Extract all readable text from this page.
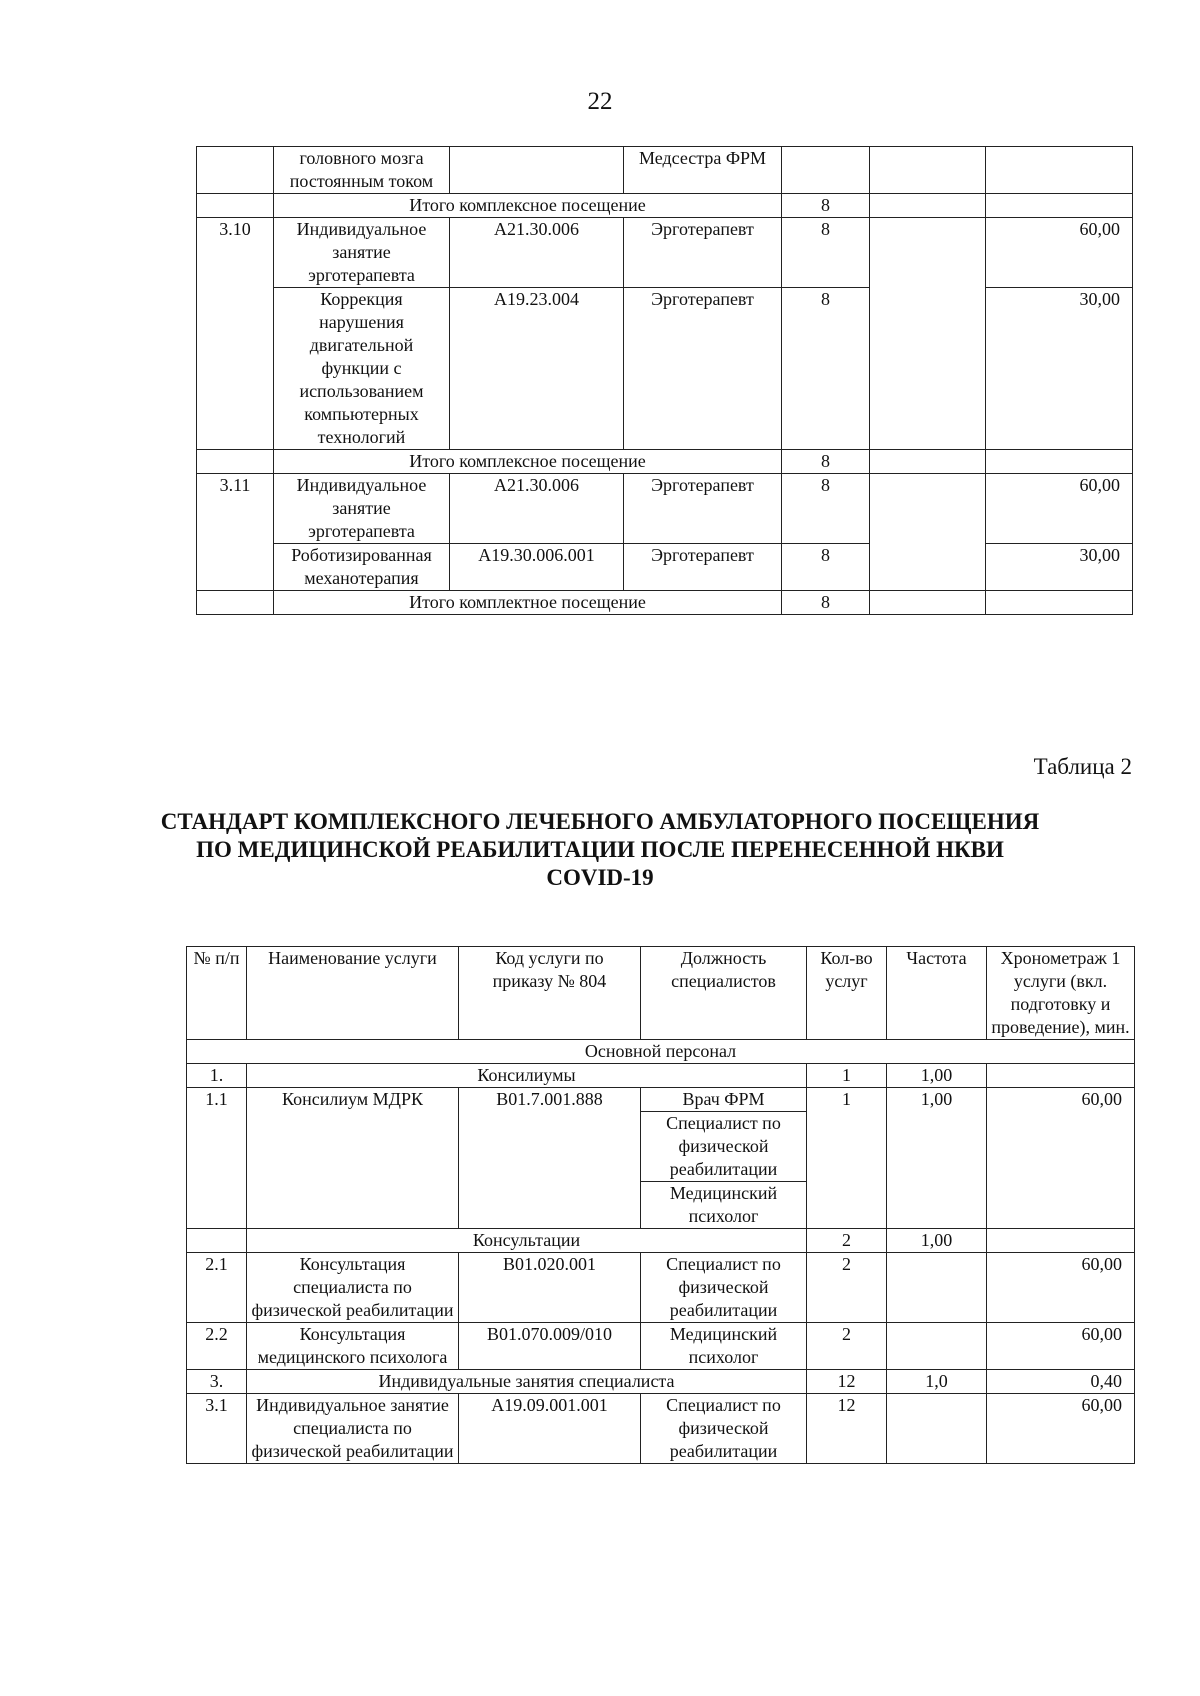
22
	головного мозга постоянным током		Медсестра ФРМ			
	Итого комплексное посещение			8		
3.10	Индивидуальное занятие эрготерапевта	A21.30.006	Эрготерапевт	8		60,00
	Коррекция нарушения двигательной функции с использованием компьютерных технологий	A19.23.004	Эрготерапевт	8		30,00
	Итого комплексное посещение			8		
3.11	Индивидуальное занятие эрготерапевта	A21.30.006	Эрготерапевт	8		60,00
	Роботизированная механотерапия	A19.30.006.001	Эрготерапевт	8		30,00
	Итого комплектное посещение			8		
Таблица 2
СТАНДАРТ КОМПЛЕКСНОГО ЛЕЧЕБНОГО АМБУЛАТОРНОГО ПОСЕЩЕНИЯ
ПО МЕДИЦИНСКОЙ РЕАБИЛИТАЦИИ ПОСЛЕ ПЕРЕНЕСЕННОЙ НКВИ
COVID-19
№ п/п	Наименование услуги	Код услуги по приказу № 804	Должность специалистов	Кол-во услуг	Частота	Хронометраж 1 услуги (вкл. подготовку и проведение), мин.
Основной персонал						
1.	Консилиумы			1	1,00	
1.1	Консилиум МДРК	B01.7.001.888	Врач ФРМ	1	1,00	60,00
			Специалист по физической реабилитации			
			Медицинский психолог			
	Консультации			2	1,00	
2.1	Консультация специалиста по физической реабилитации	B01.020.001	Специалист по физической реабилитации	2		60,00
2.2	Консультация медицинского психолога	B01.070.009/010	Медицинский психолог	2		60,00
3.	Индивидуальные занятия специалиста			12	1,0	0,40
3.1	Индивидуальное занятие специалиста по физической реабилитации	A19.09.001.001	Специалист по физической реабилитации	12		60,00
